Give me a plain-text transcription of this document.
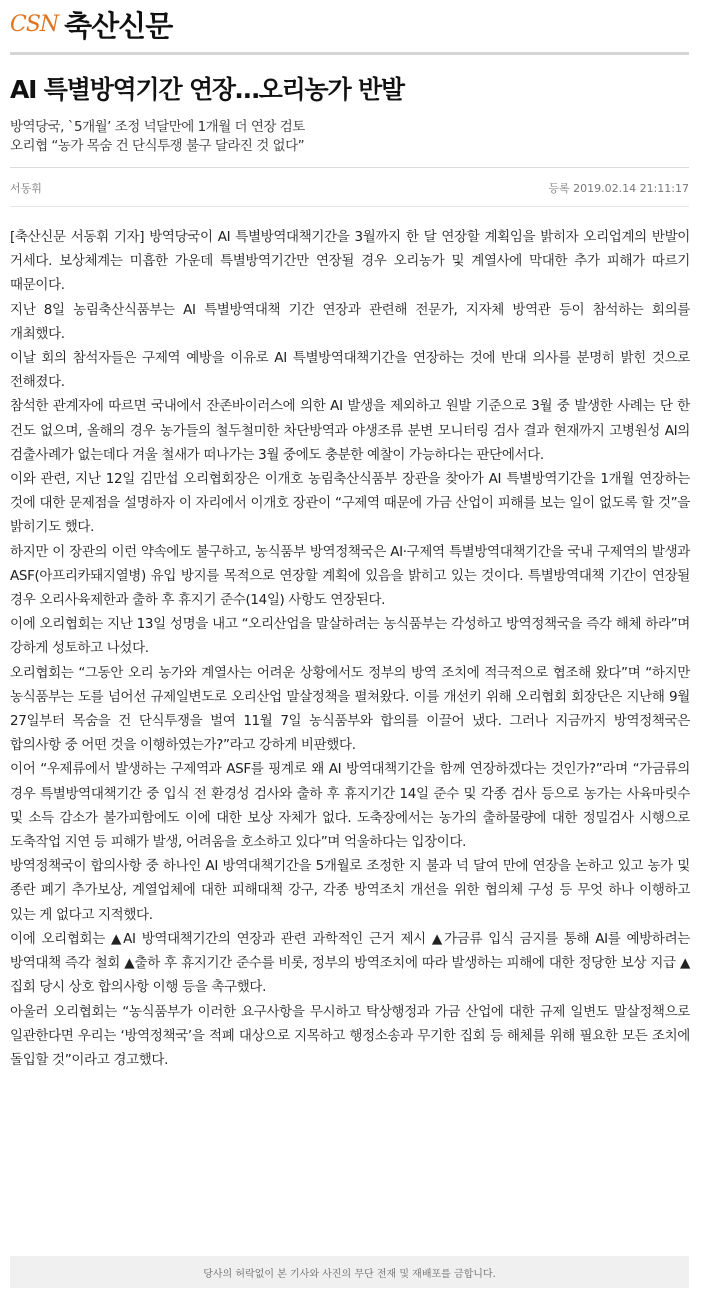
CSN 축산신문
AI 특별방역기간 연장…오리농가 반발
방역당국, `5개월’ 조정 넉달만에 1개월 더 연장 검토
오리협 “농가 목숨 건 단식투쟁 불구 달라진 것 없다”
서동휘	등록 2019.02.14 21:11:17

[축산신문 서동휘 기자] 방역당국이 AI 특별방역대책기간을 3월까지 한 달 연장할 계획임을 밝히자 오리업계의 반발이 거세다. 보상체계는 미흡한 가운데 특별방역기간만 연장될 경우 오리농가 및 계열사에 막대한 추가 피해가 따르기 때문이다.

지난 8일 농림축산식품부는 AI 특별방역대책 기간 연장과 관련해 전문가, 지자체 방역관 등이 참석하는 회의를 개최했다.

이날 회의 참석자들은 구제역 예방을 이유로 AI 특별방역대책기간을 연장하는 것에 반대 의사를 분명히 밝힌 것으로 전해졌다.

참석한 관계자에 따르면 국내에서 잔존바이러스에 의한 AI 발생을 제외하고 원발 기준으로 3월 중 발생한 사례는 단 한 건도 없으며, 올해의 경우 농가들의 철두철미한 차단방역과 야생조류 분변 모니터링 검사 결과 현재까지 고병원성 AI의 검출사례가 없는데다 겨울 철새가 떠나가는 3월 중에도 충분한 예찰이 가능하다는 판단에서다.

이와 관련, 지난 12일 김만섭 오리협회장은 이개호 농림축산식품부 장관을 찾아가 AI 특별방역기간을 1개월 연장하는 것에 대한 문제점을 설명하자 이 자리에서 이개호 장관이 “구제역 때문에 가금 산업이 피해를 보는 일이 없도록 할 것”을 밝히기도 했다.

하지만 이 장관의 이런 약속에도 불구하고, 농식품부 방역정책국은 AI·구제역 특별방역대책기간을 국내 구제역의 발생과 ASF(아프리카돼지열병) 유입 방지를 목적으로 연장할 계획에 있음을 밝히고 있는 것이다. 특별방역대책 기간이 연장될 경우 오리사육제한과 출하 후 휴지기 준수(14일) 사항도 연장된다.

이에 오리협회는 지난 13일 성명을 내고 “오리산업을 말살하려는 농식품부는 각성하고 방역정책국을 즉각 해체 하라”며 강하게 성토하고 나섰다.

오리협회는 “그동안 오리 농가와 계열사는 어려운 상황에서도 정부의 방역 조치에 적극적으로 협조해 왔다”며 “하지만 농식품부는 도를 넘어선 규제일변도로 오리산업 말살정책을 펼쳐왔다. 이를 개선키 위해 오리협회 회장단은 지난해 9월 27일부터 목숨을 건 단식투쟁을 벌여 11월 7일 농식품부와 합의를 이끌어 냈다. 그러나 지금까지 방역정책국은 합의사항 중 어떤 것을 이행하였는가?”라고 강하게 비판했다.

이어 “우제류에서 발생하는 구제역과 ASF를 핑계로 왜 AI 방역대책기간을 함께 연장하겠다는 것인가?”라며 “가금류의 경우 특별방역대책기간 중 입식 전 환경성 검사와 출하 후 휴지기간 14일 준수 및 각종 검사 등으로 농가는 사육마릿수 및 소득 감소가 불가피함에도 이에 대한 보상 자체가 없다. 도축장에서는 농가의 출하물량에 대한 정밀검사 시행으로 도축작업 지연 등 피해가 발생, 어려움을 호소하고 있다”며 억울하다는 입장이다.

방역정책국이 합의사항 중 하나인 AI 방역대책기간을 5개월로 조정한 지 불과 넉 달여 만에 연장을 논하고 있고 농가 및 종란 폐기 추가보상, 계열업체에 대한 피해대책 강구, 각종 방역조치 개선을 위한 협의체 구성 등 무엇 하나 이행하고 있는 게 없다고 지적했다.

이에 오리협회는 ▲AI 방역대책기간의 연장과 관련 과학적인 근거 제시 ▲가금류 입식 금지를 통해 AI를 예방하려는 방역대책 즉각 철회 ▲출하 후 휴지기간 준수를 비롯, 정부의 방역조치에 따라 발생하는 피해에 대한 정당한 보상 지급 ▲집회 당시 상호 합의사항 이행 등을 촉구했다.

아울러 오리협회는 “농식품부가 이러한 요구사항을 무시하고 탁상행정과 가금 산업에 대한 규제 일변도 말살정책으로 일관한다면 우리는 ‘방역정책국’을 적폐 대상으로 지목하고 행정소송과 무기한 집회 등 해체를 위해 필요한 모든 조치에 돌입할 것”이라고 경고했다.

당사의 허락없이 본 기사와 사진의 무단 전재 및 재배포를 금합니다.
